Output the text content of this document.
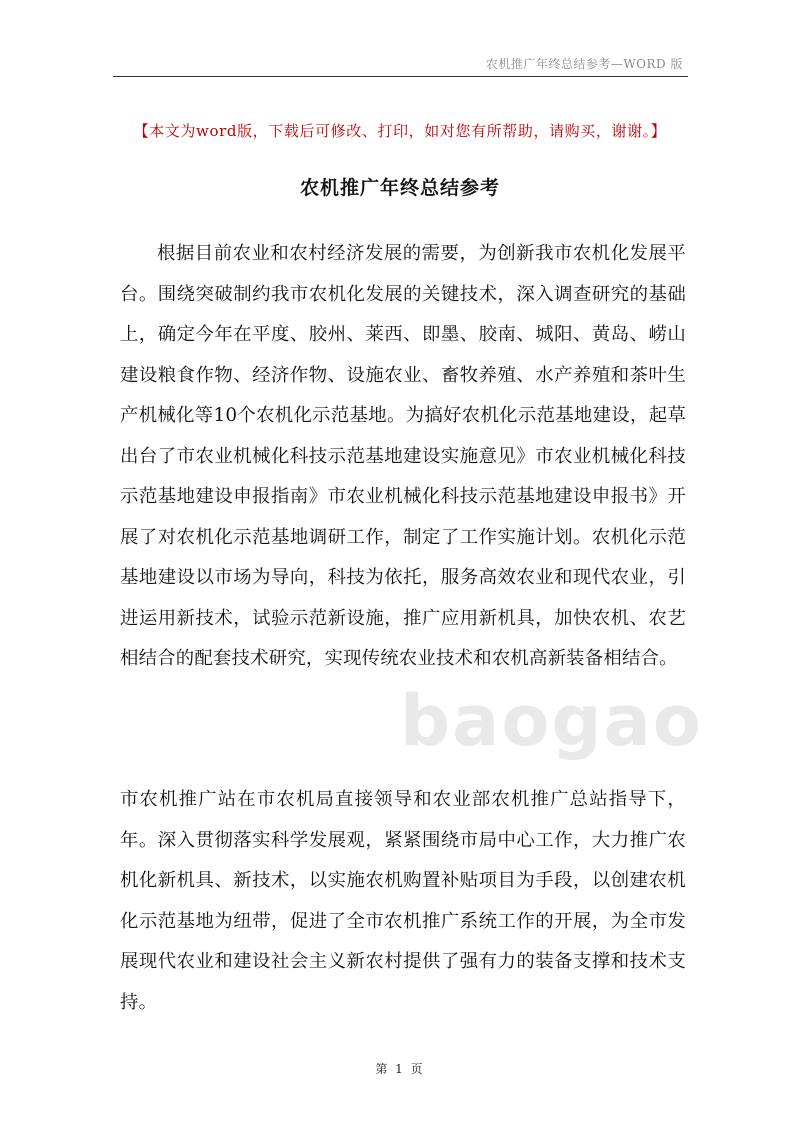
农机推广年终总结参考—WORD 版
【本文为word版，下载后可修改、打印，如对您有所帮助，请购买，谢谢。】
农机推广年终总结参考
baogao

根据目前农业和农村经济发展的需要，为创新我市农机化发展平台。围绕突破制约我市农机化发展的关键技术，深入调查研究的基础上，确定今年在平度、胶州、莱西、即墨、胶南、城阳、黄岛、崂山建设粮食作物、经济作物、设施农业、畜牧养殖、水产养殖和茶叶生产机械化等10个农机化示范基地。为搞好农机化示范基地建设，起草出台了市农业机械化科技示范基地建设实施意见》市农业机械化科技示范基地建设申报指南》市农业机械化科技示范基地建设申报书》开展了对农机化示范基地调研工作，制定了工作实施计划。农机化示范基地建设以市场为导向，科技为依托，服务高效农业和现代农业，引进运用新技术，试验示范新设施，推广应用新机具，加快农机、农艺相结合的配套技术研究，实现传统农业技术和农机高新装备相结合。

市农机推广站在市农机局直接领导和农业部农机推广总站指导下，年。深入贯彻落实科学发展观，紧紧围绕市局中心工作，大力推广农机化新机具、新技术，以实施农机购置补贴项目为手段，以创建农机化示范基地为纽带，促进了全市农机推广系统工作的开展，为全市发展现代农业和建设社会主义新农村提供了强有力的装备支撑和技术支持。

第 1 页
